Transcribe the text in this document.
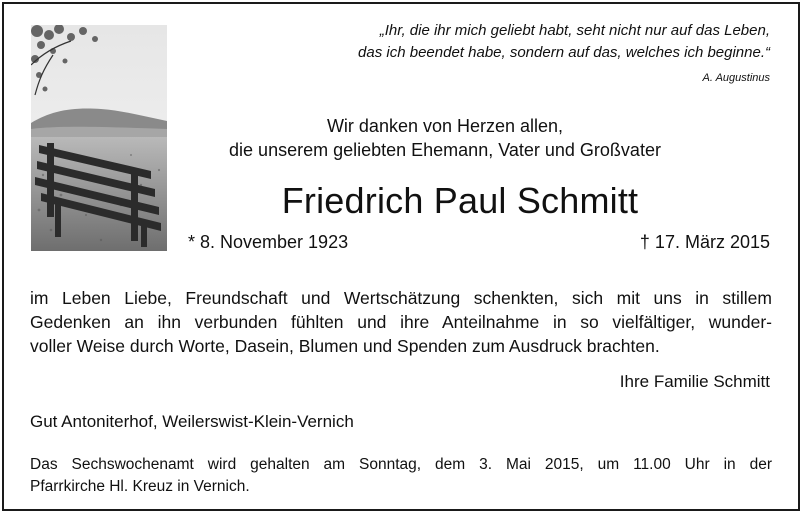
„Ihr, die ihr mich geliebt habt, seht nicht nur auf das Leben,
das ich beendet habe, sondern auf das, welches ich beginne.“
A. Augustinus
Wir danken von Herzen allen,
die unserem geliebten Ehemann, Vater und Großvater
Friedrich Paul Schmitt
* 8. November 1923	† 17. März 2015
im Leben Liebe, Freundschaft und Wertschätzung schenkten, sich mit uns in stillem
Gedenken an ihn verbunden fühlten und ihre Anteilnahme in so vielfältiger, wunder-
voller Weise durch Worte, Dasein, Blumen und Spenden zum Ausdruck brachten.
Ihre Familie Schmitt
Gut Antoniterhof, Weilerswist-Klein-Vernich
Das Sechswochenamt wird gehalten am Sonntag, dem 3. Mai 2015, um 11.00 Uhr in der
Pfarrkirche Hl. Kreuz in Vernich.
